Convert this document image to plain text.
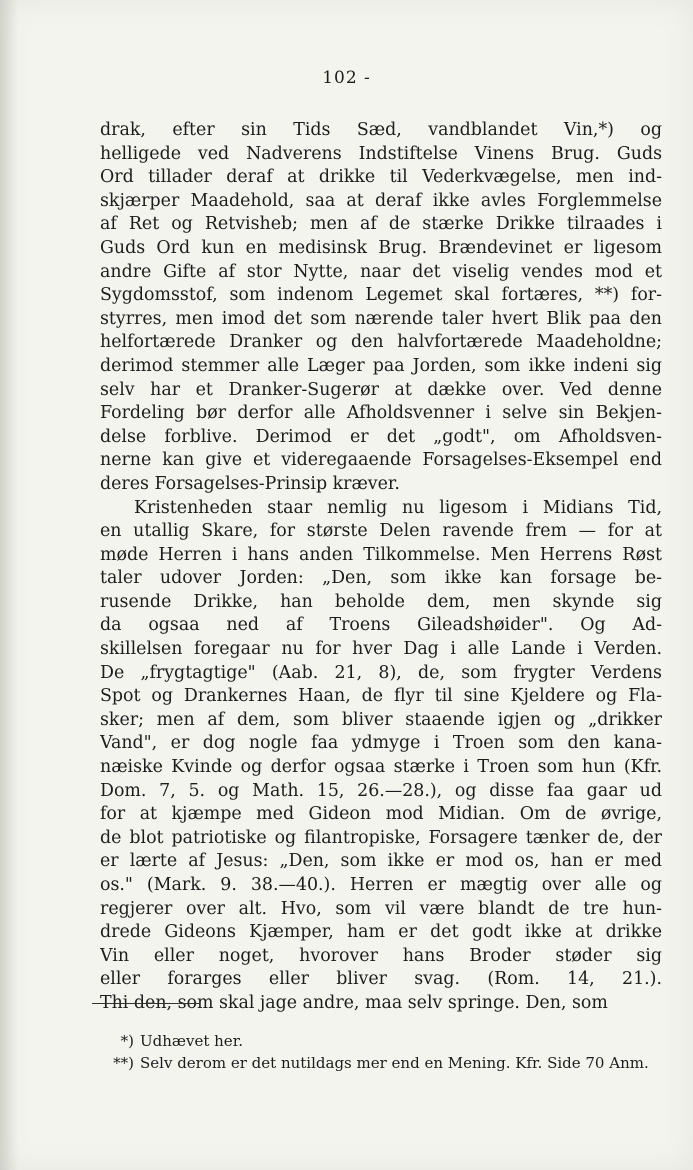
102 -
drak, efter sin Tids Sæd, vandblandet Vin,*) og
helligede ved Nadverens Indstiftelse Vinens Brug. Guds
Ord tillader deraf at drikke til Vederkvægelse, men ind-
skjærper Maadehold, saa at deraf ikke avles Forglemmelse
af Ret og Retvisheb; men af de stærke Drikke tilraades i
Guds Ord kun en medisinsk Brug. Brændevinet er ligesom
andre Gifte af stor Nytte, naar det viselig vendes mod et
Sygdomsstof, som indenom Legemet skal fortæres, **) for-
styrres, men imod det som nærende taler hvert Blik paa den
helfortærede Dranker og den halvfortærede Maadeholdne;
derimod stemmer alle Læger paa Jorden, som ikke indeni sig
selv har et Dranker-Sugerør at dække over. Ved denne
Fordeling bør derfor alle Afholdsvenner i selve sin Bekjen-
delse forblive. Derimod er det „godt", om Afholdsven-
nerne kan give et videregaaende Forsagelses-Eksempel end
deres Forsagelses-Prinsip kræver.
Kristenheden staar nemlig nu ligesom i Midians Tid,
en utallig Skare, for største Delen ravende frem — for at
møde Herren i hans anden Tilkommelse. Men Herrens Røst
taler udover Jorden: „Den, som ikke kan forsage be-
rusende Drikke, han beholde dem, men skynde sig
da ogsaa ned af Troens Gileadshøider". Og Ad-
skillelsen foregaar nu for hver Dag i alle Lande i Verden.
De „frygtagtige" (Aab. 21, 8), de, som frygter Verdens
Spot og Drankernes Haan, de flyr til sine Kjeldere og Fla-
sker; men af dem, som bliver staaende igjen og „drikker
Vand", er dog nogle faa ydmyge i Troen som den kana-
næiske Kvinde og derfor ogsaa stærke i Troen som hun (Kfr.
Dom. 7, 5. og Math. 15, 26.—28.), og disse faa gaar ud
for at kjæmpe med Gideon mod Midian. Om de øvrige,
de blot patriotiske og filantropiske, Forsagere tænker de, der
er lærte af Jesus: „Den, som ikke er mod os, han er med
os." (Mark. 9. 38.—40.). Herren er mægtig over alle og
regjerer over alt. Hvo, som vil være blandt de tre hun-
drede Gideons Kjæmper, ham er det godt ikke at drikke
Vin eller noget, hvorover hans Broder støder sig
eller forarges eller bliver svag. (Rom. 14, 21.).
Thi den, som skal jage andre, maa selv springe. Den, som
*) Udhævet her.
**) Selv derom er det nutildags mer end en Mening. Kfr. Side 70 Anm.
